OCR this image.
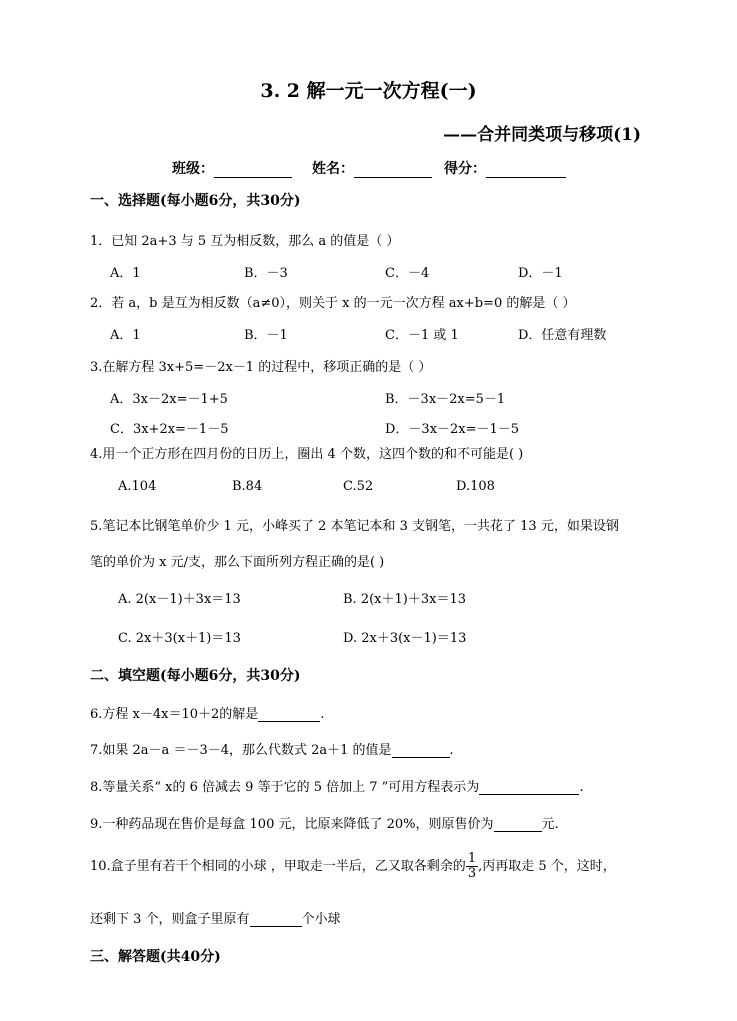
3. 2 解一元一次方程(一)
——合并同类项与移项(1)
班级：	姓名：	得分：
一、选择题(每小题6分，共30分)
1．已知 2a+3 与 5 互为相反数，那么 a 的值是（ ）
A．1	B．－3	C．－4	D．－1
2．若 a，b 是互为相反数（a≠0），则关于 x 的一元一次方程 ax+b=0 的解是（ ）
A．1	B．－1	C．－1 或 1	D．任意有理数
3.在解方程 3x+5=－2x－1 的过程中，移项正确的是（ ）
A．3x－2x=－1+5	B．－3x－2x=5－1
C．3x+2x=－1－5	D．－3x－2x=－1－5
4.用一个正方形在四月份的日历上，圈出 4 个数，这四个数的和不可能是( )
A.104	B.84	C.52	D.108
5.笔记本比钢笔单价少 1 元，小峰买了 2 本笔记本和 3 支钢笔，一共花了 13 元，如果设钢
笔的单价为 x 元/支，那么下面所列方程正确的是( )
A. 2(x－1)＋3x＝13	B. 2(x＋1)＋3x＝13
C. 2x＋3(x＋1)＝13	D. 2x＋3(x－1)＝13
二、填空题(每小题6分，共30分)
6.方程 x－4x＝10＋2的解是	.
7.如果 2a－a ＝－3－4，那么代数式 2a＋1 的值是	.
8.等量关系“ x的 6 倍减去 9 等于它的 5 倍加上 7 ”可用方程表示为	.
9.一种药品现在售价是每盒 100 元，比原来降低了 20%，则原售价为	元.
10.盒子里有若干个相同的小球 ，甲取走一半后，乙又取各剩余的 $\frac{1}{3}$ ,丙再取走 5 个，这时，
还剩下 3 个，则盒子里原有	个小球
三、解答题(共40分)
